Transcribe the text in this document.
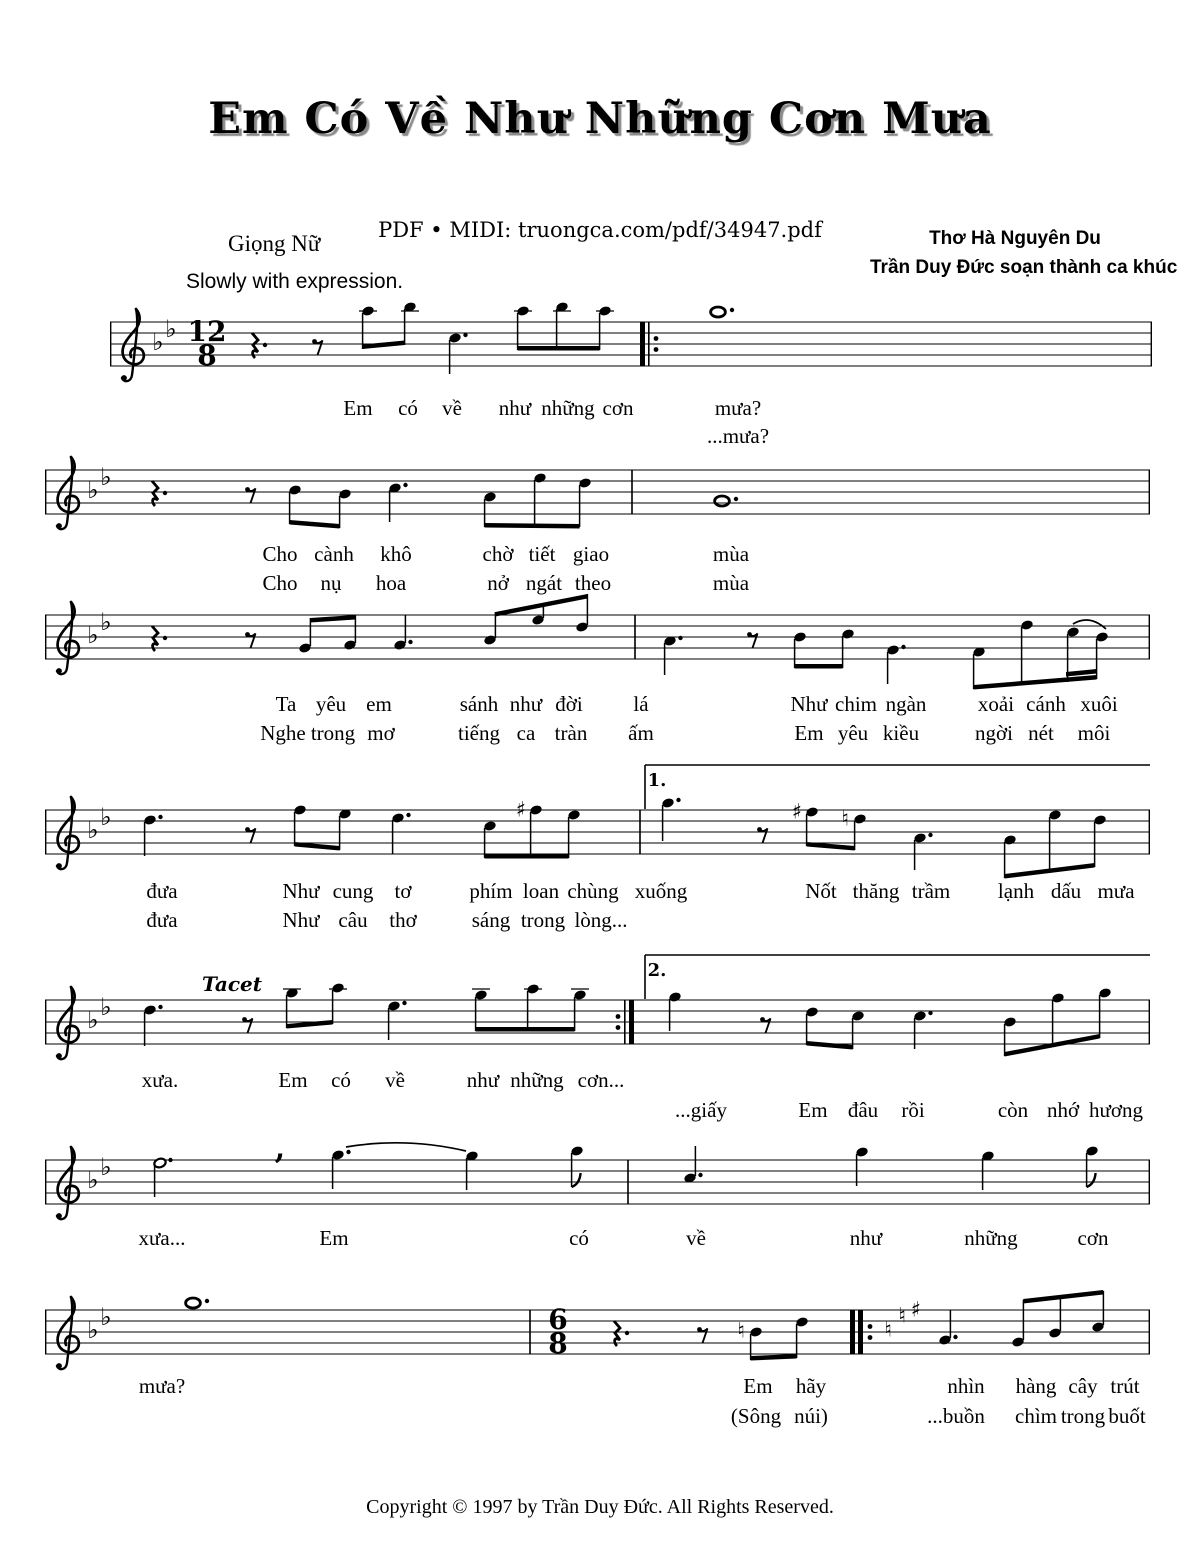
Em Có Về Như Những Cơn Mưa
PDF • MIDI: truongca.com/pdf/34947.pdf
Giọng Nữ
Slowly with expression.
Thơ Hà Nguyên Du
Trần Duy Đức soạn thành ca khúc
♭ ♭ 12
8
♭ ♭
♭ ♭
♭ ♭	♯
1.
♯ ♮
♭ ♭
Tacet
2.
♭ ♭
,
♭ ♭	6
8	♮	♮
♮ ♯
Em có về như những cơn	mưa?
...mưa?
Cho cành khô	chờ tiết giao	mùa
Cho nụ hoa	nở ngát theo	mùa
Ta yêu em	sánh như đời lá	Như chim ngàn xoải cánh xuôi
Nghe trong mơ	tiếng ca tràn ấm	Em yêu kiều	ngời nét môi
đưa	Như cung tơ	phím loan chùng xuống	Nốt thăng trầm lạnh dấu mưa
đưa	Như câu thơ	sáng trong lòng...
xưa.	Em có về	như những cơn...
...giấy	Em đâu rồi	còn nhớ hương
xưa...	Em	có	về	như	những	cơn
mưa?	Em hãy	nhìn hàng cây trút
(Sông núi)	...buồn chìm trong buốt
Copyright © 1997 by Trần Duy Đức. All Rights Reserved.
